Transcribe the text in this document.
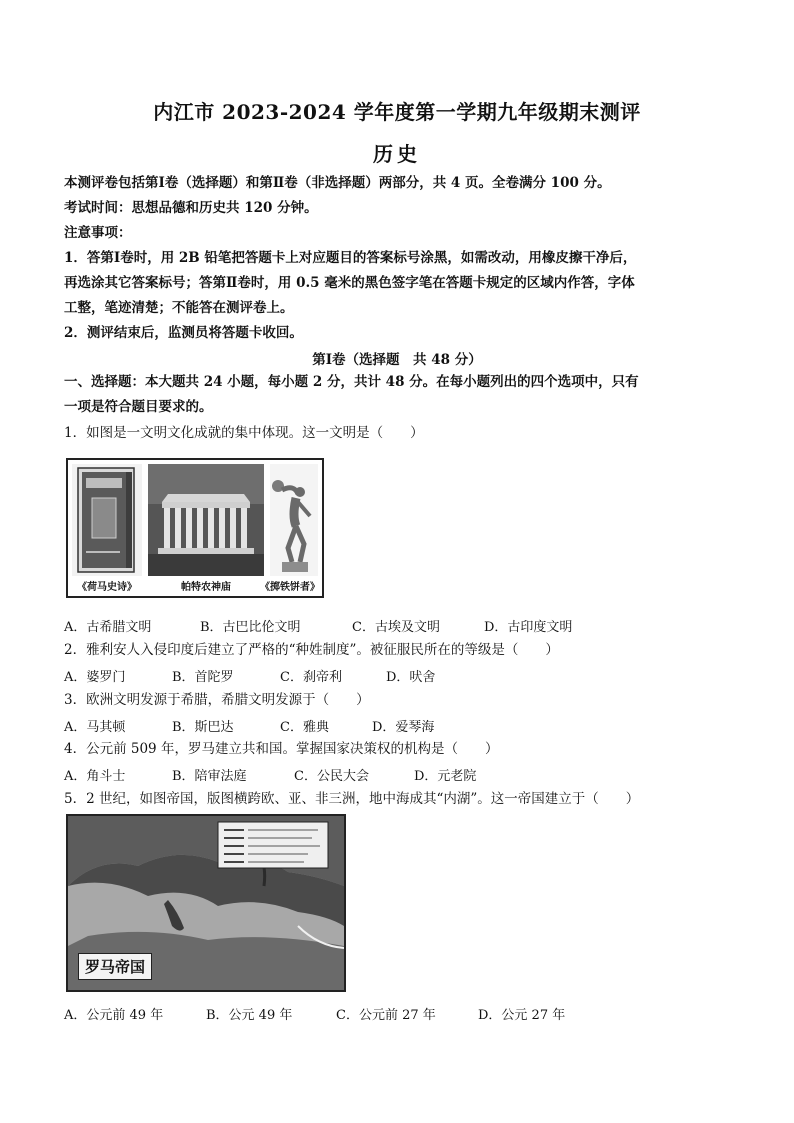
内江市 2023-2024 学年度第一学期九年级期末测评
历史
本测评卷包括第Ⅰ卷（选择题）和第Ⅱ卷（非选择题）两部分，共 4 页。全卷满分 100 分。
考试时间：思想品德和历史共 120 分钟。
注意事项：
1．答第Ⅰ卷时，用 2B 铅笔把答题卡上对应题目的答案标号涂黑，如需改动，用橡皮擦干净后，
再选涂其它答案标号；答第Ⅱ卷时，用 0.5 毫米的黑色签字笔在答题卡规定的区域内作答，字体
工整，笔迹清楚；不能答在测评卷上。
2．测评结束后，监测员将答题卡收回。
第Ⅰ卷（选择题　共 48 分）
一、选择题：本大题共 24 小题，每小题 2 分，共计 48 分。在每小题列出的四个选项中，只有
一项是符合题目要求的。
1．如图是一文明文化成就的集中体现。这一文明是（　　）
《荷马史诗》	帕特农神庙	《掷铁饼者》
A．古希腊文明	B．古巴比伦文明	C．古埃及文明	D．古印度文明
2．雅利安人入侵印度后建立了严格的“种姓制度”。被征服民所在的等级是（　　）
A．婆罗门	B．首陀罗	C．刹帝利	D．吠舍
3．欧洲文明发源于希腊，希腊文明发源于（　　）
A．马其顿	B．斯巴达	C．雅典	D．爱琴海
4．公元前 509 年，罗马建立共和国。掌握国家决策权的机构是（　　）
A．角斗士	B．陪审法庭	C．公民大会	D．元老院
5．2 世纪，如图帝国，版图横跨欧、亚、非三洲，地中海成其“内湖”。这一帝国建立于（　　）
罗马帝国
A．公元前 49 年	B．公元 49 年	C．公元前 27 年	D．公元 27 年
